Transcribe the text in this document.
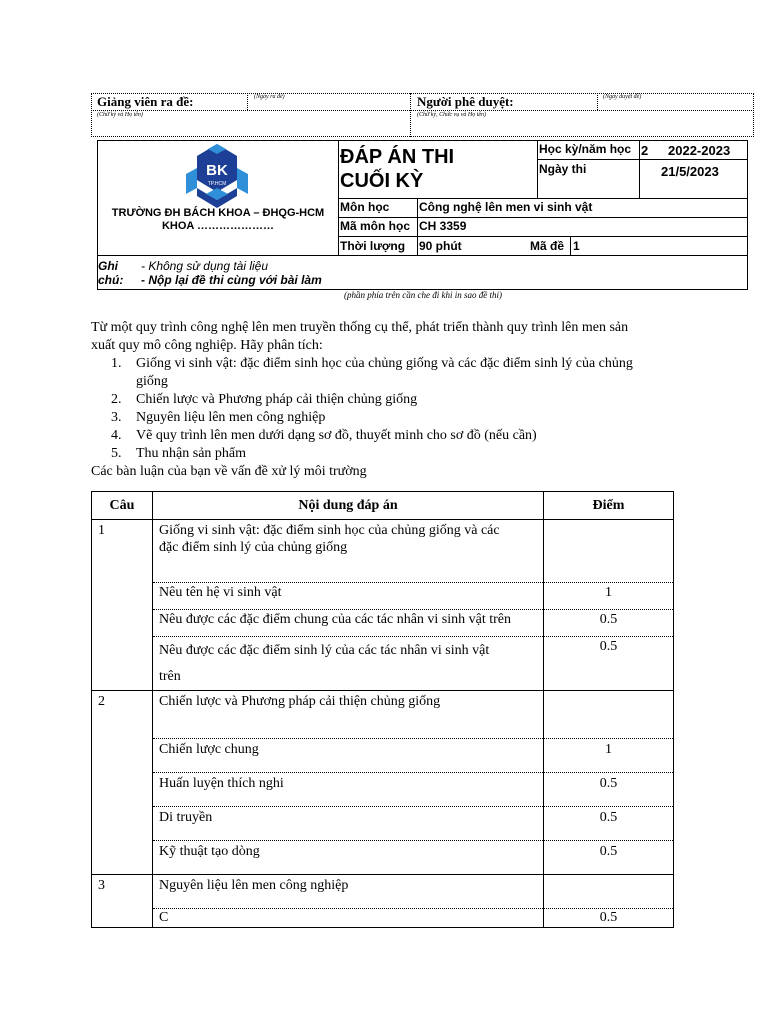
Giảng viên ra đề:	(Ngày ra đề)
(Chữ ký và Họ tên)
Người phê duyệt:	(Ngày duyệt đề)
(Chữ ký, Chức vụ và Họ tên)
BK
TP.HCM
TRƯỜNG ĐH BÁCH KHOA – ĐHQG-HCM
KHOA …………………
ĐÁP ÁN THI
CUỐI KỲ
Học kỳ/năm học 2 2022-2023
Ngày thi	21/5/2023
Môn học Công nghệ lên men vi sinh vật
Mã môn học CH 3359
Thời lượng 90 phút	Mã đề 1
Ghi
chú:
- Không sử dụng tài liệu
- Nộp lại đề thi cùng với bài làm
(phần phía trên cần che đi khi in sao đề thi)
Từ một quy trình công nghệ lên men truyền thống cụ thể, phát triển thành quy trình lên men sản
xuất quy mô công nghiệp. Hãy phân tích:
1. Giống vi sinh vật: đặc điểm sinh học của chủng giống và các đặc điểm sinh lý của chủng
giống
2. Chiến lược và Phương pháp cải thiện chủng giống
3. Nguyên liệu lên men công nghiệp
4. Vẽ quy trình lên men dưới dạng sơ đồ, thuyết minh cho sơ đồ (nếu cần)
5. Thu nhận sản phẩm
Các bàn luận của bạn về vấn đề xử lý môi trường
Câu	Nội dung đáp án	Điểm
1	Giống vi sinh vật: đặc điểm sinh học của chủng giống và các
đặc điểm sinh lý của chủng giống	

	Nêu tên hệ vi sinh vật	1
	Nêu được các đặc điểm chung của các tác nhân vi sinh vật trên	0.5

	Nêu được các đặc điểm sinh lý của các tác nhân vi sinh vật
trên	0.5
2	Chiến lược và Phương pháp cải thiện chủng giống	
	Chiến lược chung	1
	Huấn luyện thích nghi	0.5
	Di truyền	0.5
	Kỹ thuật tạo dòng	0.5
3	Nguyên liệu lên men công nghiệp	
	C	0.5
